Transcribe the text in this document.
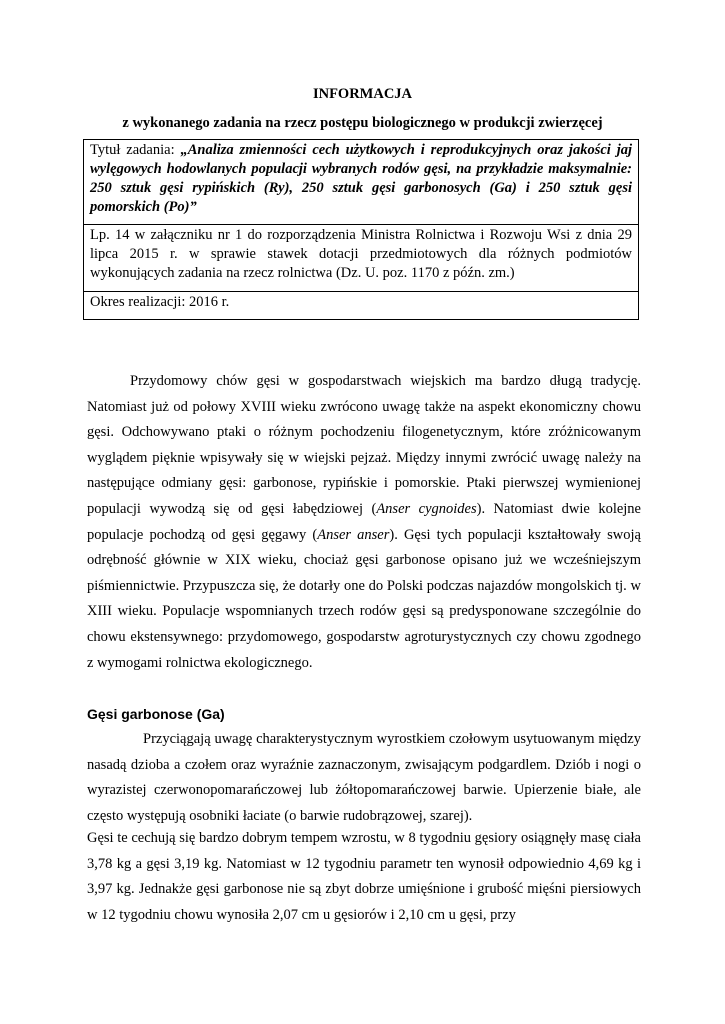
INFORMACJA
z wykonanego zadania na rzecz postępu biologicznego w produkcji zwierzęcej
Tytuł zadania: „Analiza zmienności cech użytkowych i reprodukcyjnych oraz jakości jaj wylęgowych hodowlanych populacji wybranych rodów gęsi, na przykładzie maksymalnie: 250 sztuk gęsi rypińskich (Ry), 250 sztuk gęsi garbonosych (Ga) i 250 sztuk gęsi pomorskich (Po)”
Lp. 14 w załączniku nr 1 do rozporządzenia Ministra Rolnictwa i Rozwoju Wsi z dnia 29 lipca 2015 r. w sprawie stawek dotacji przedmiotowych dla różnych podmiotów wykonujących zadania na rzecz rolnictwa (Dz. U. poz. 1170 z późn. zm.)
Okres realizacji: 2016 r.
Przydomowy chów gęsi w gospodarstwach wiejskich ma bardzo długą tradycję. Natomiast już od połowy XVIII wieku zwrócono uwagę także na aspekt ekonomiczny chowu gęsi. Odchowywano ptaki o różnym pochodzeniu filogenetycznym, które zróżnicowanym wyglądem pięknie wpisywały się w wiejski pejzaż. Między innymi zwrócić uwagę należy na następujące odmiany gęsi: garbonose, rypińskie i pomorskie. Ptaki pierwszej wymienionej populacji wywodzą się od gęsi łabędziowej (Anser cygnoides). Natomiast dwie kolejne populacje pochodzą od gęsi gęgawy (Anser anser). Gęsi tych populacji kształtowały swoją odrębność głównie w XIX wieku, chociaż gęsi garbonose opisano już we wcześniejszym piśmiennictwie. Przypuszcza się, że dotarły one do Polski podczas najazdów mongolskich tj. w XIII wieku. Populacje wspomnianych trzech rodów gęsi są predysponowane szczególnie do chowu ekstensywnego: przydomowego, gospodarstw agroturystycznych czy chowu zgodnego z wymogami rolnictwa ekologicznego.
Gęsi garbonose (Ga)
Przyciągają uwagę charakterystycznym wyrostkiem czołowym usytuowanym między nasadą dzioba a czołem oraz wyraźnie zaznaczonym, zwisającym podgardlem. Dziób i nogi o wyrazistej czerwonopomarańczowej lub żółtopomarańczowej barwie. Upierzenie białe, ale często występują osobniki łaciate (o barwie rudobrązowej, szarej).
Gęsi te cechują się bardzo dobrym tempem wzrostu, w 8 tygodniu gęsiory osiągnęły masę ciała 3,78 kg a gęsi 3,19 kg. Natomiast w 12 tygodniu parametr ten wynosił odpowiednio 4,69 kg i 3,97 kg. Jednakże gęsi garbonose nie są zbyt dobrze umięśnione i grubość mięśni piersiowych w 12 tygodniu chowu wynosiła 2,07 cm u gęsiorów i 2,10 cm u gęsi, przy
